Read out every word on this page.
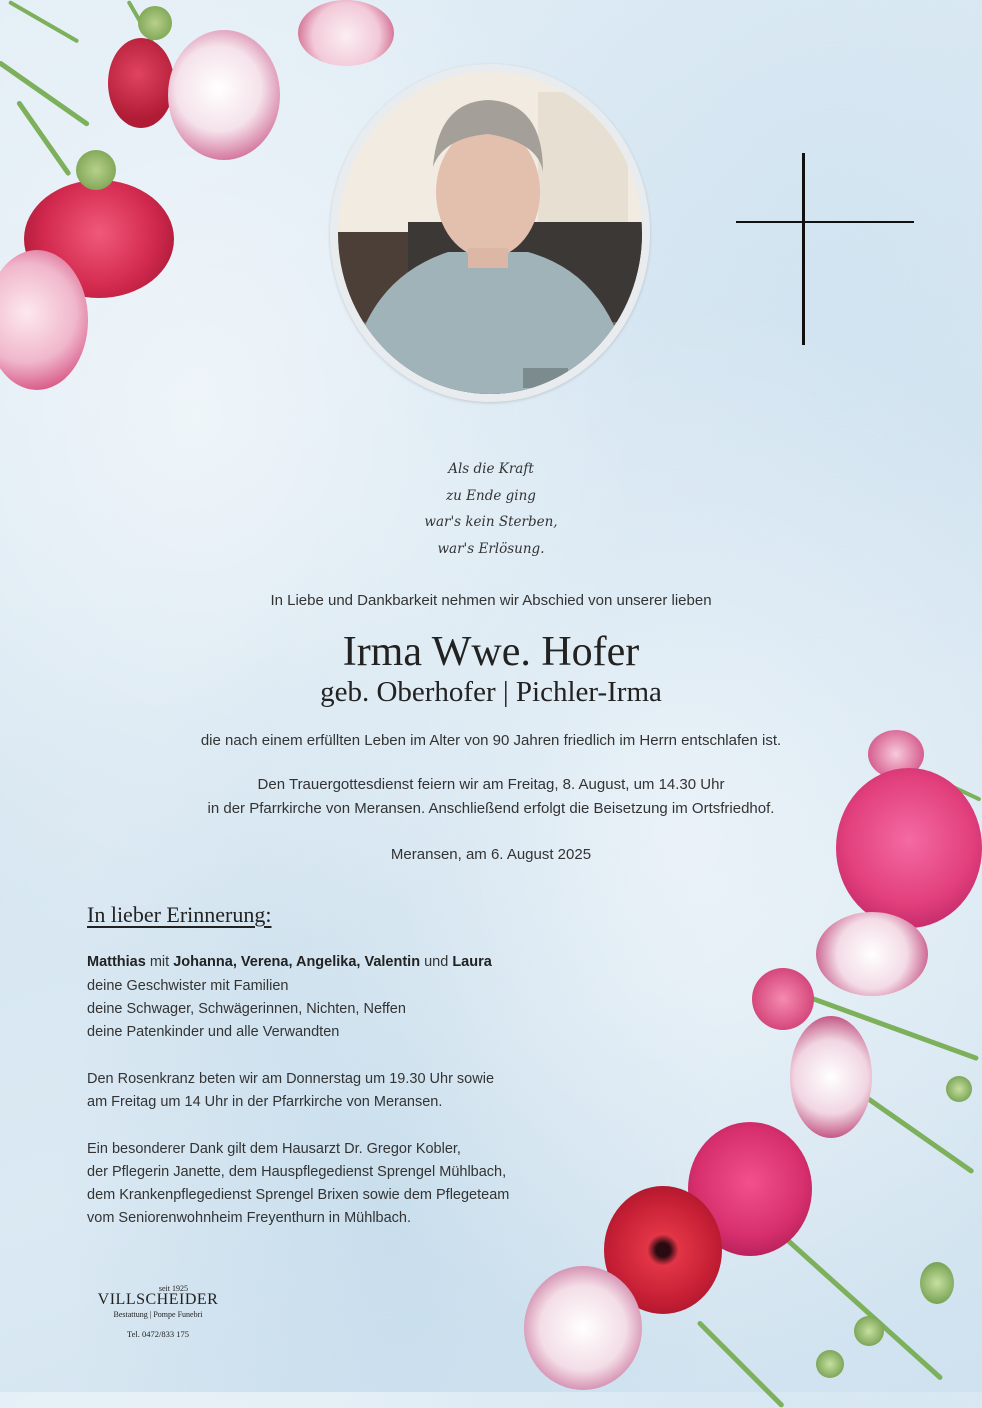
Als die Kraft
zu Ende ging
war's kein Sterben,
war's Erlösung.
In Liebe und Dankbarkeit nehmen wir Abschied von unserer lieben
Irma Wwe. Hofer
geb. Oberhofer | Pichler-Irma
die nach einem erfüllten Leben im Alter von 90 Jahren friedlich im Herrn entschlafen ist.
Den Trauergottesdienst feiern wir am Freitag, 8. August, um 14.30 Uhr
in der Pfarrkirche von Meransen. Anschließend erfolgt die Beisetzung im Ortsfriedhof.
Meransen, am 6. August 2025
In lieber Erinnerung:
Matthias mit Johanna, Verena, Angelika, Valentin und Laura
deine Geschwister mit Familien
deine Schwager, Schwägerinnen, Nichten, Neffen
deine Patenkinder und alle Verwandten
Den Rosenkranz beten wir am Donnerstag um 19.30 Uhr sowie
am Freitag um 14 Uhr in der Pfarrkirche von Meransen.
Ein besonderer Dank gilt dem Hausarzt Dr. Gregor Kobler,
der Pflegerin Janette, dem Hauspflegedienst Sprengel Mühlbach,
dem Krankenpflegedienst Sprengel Brixen sowie dem Pflegeteam
vom Seniorenwohnheim Freyenthurn in Mühlbach.
seit 1925
VILLSCHEIDER
Bestattung | Pompe Funebri
Tel. 0472/833 175
